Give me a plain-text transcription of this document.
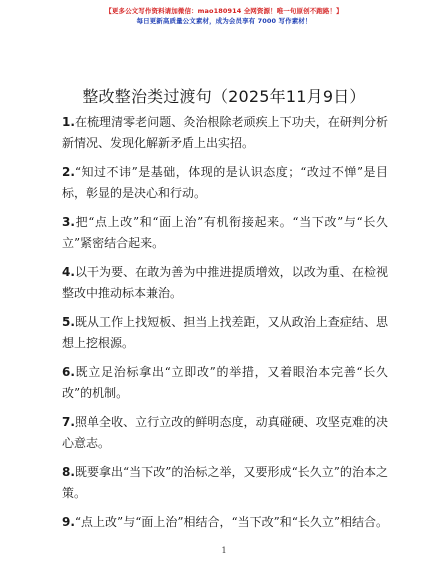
【更多公文写作资料请加微信：mao180914 全网资源！唯一句原创不跑路！】
每日更新高质量公文素材，成为会员享有 7000 写作素材！
整改整治类过渡句（2025年11月9日）

1.在梳理清零老问题、灸治根除老顽疾上下功夫，在研判分析新情况、发现化解新矛盾上出实招。

2.“知过不讳”是基础，体现的是认识态度；“改过不惮”是目标，彰显的是决心和行动。

3.把“点上改”和“面上治”有机衔接起来。“当下改”与“长久立”紧密结合起来。

4.以干为要、在敢为善为中推进提质增效，以改为重、在检视整改中推动标本兼治。

5.既从工作上找短板、担当上找差距，又从政治上查症结、思想上挖根源。

6.既立足治标拿出“立即改”的举措，又着眼治本完善“长久改”的机制。

7.照单全收、立行立改的鲜明态度，动真碰硬、攻坚克难的决心意志。

8.既要拿出“当下改”的治标之举，又要形成“长久立”的治本之策。

9.“点上改”与“面上治”相结合，“当下改”和“长久立”相结合。

1
